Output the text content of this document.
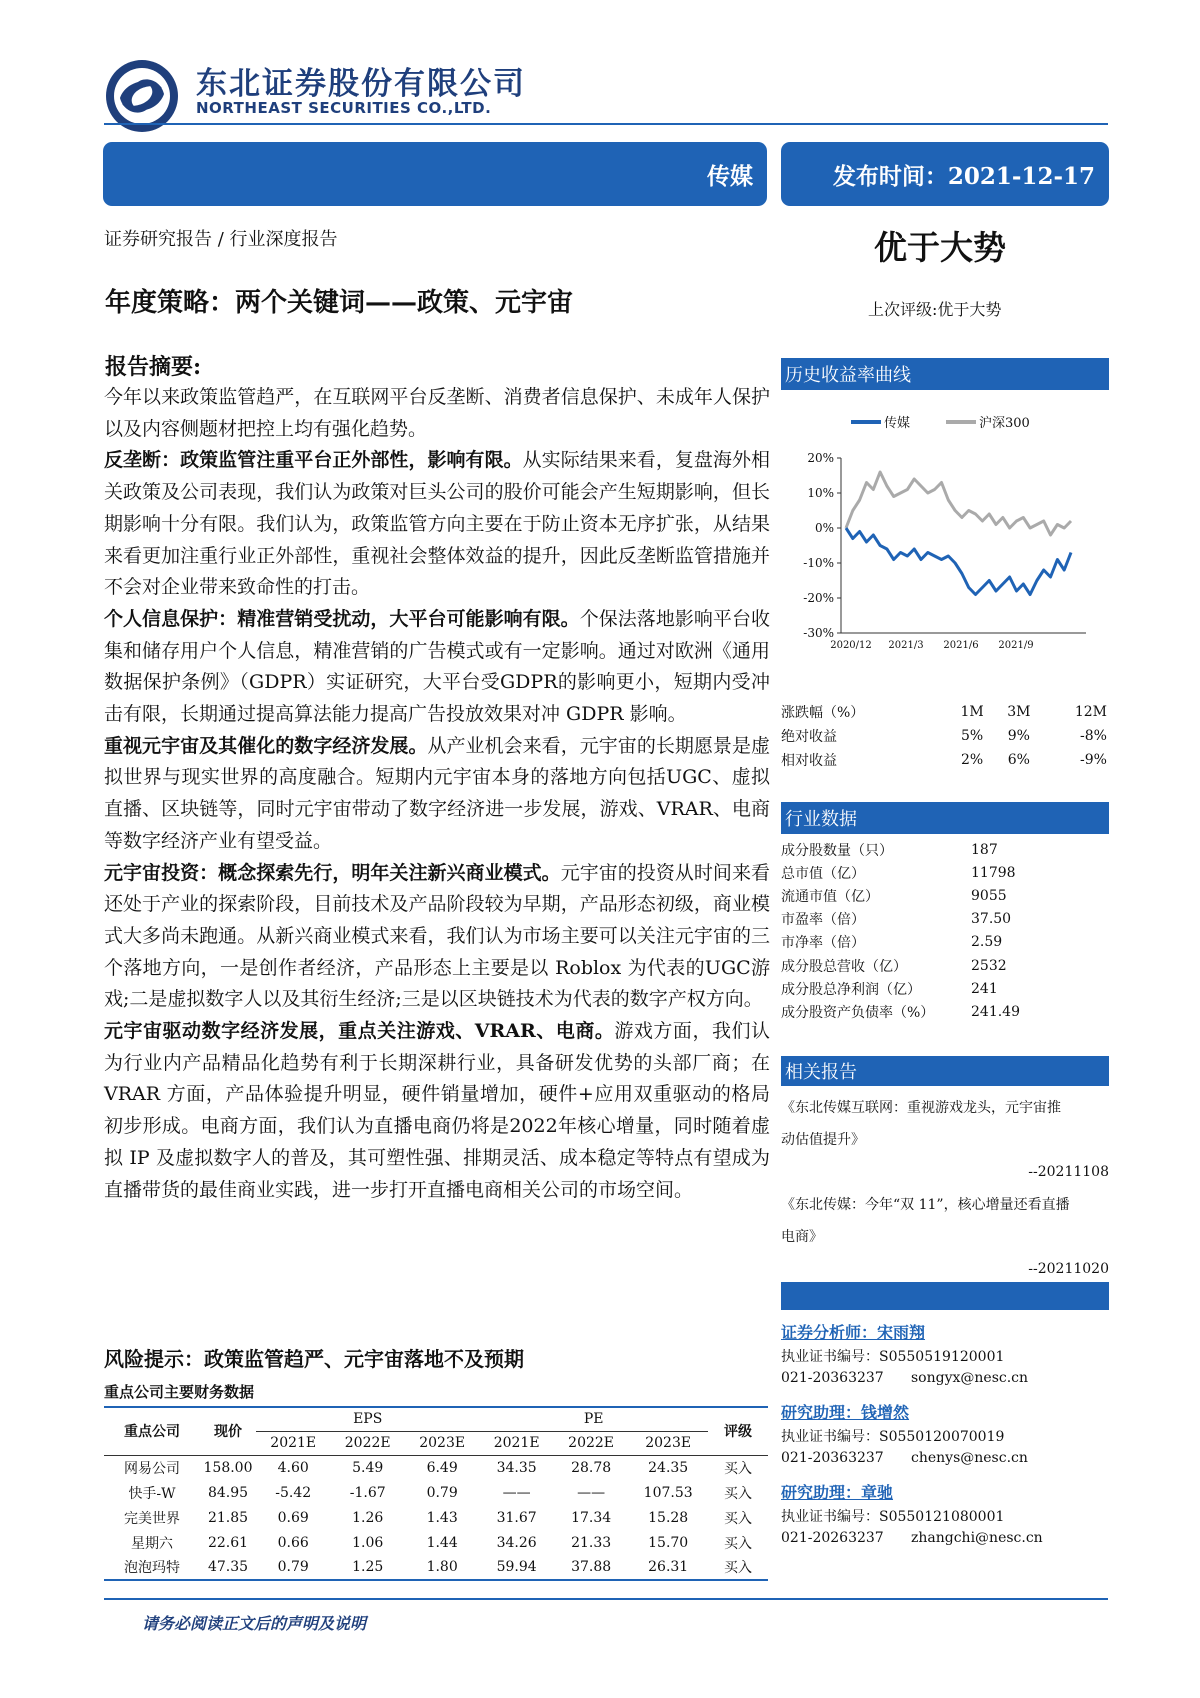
东北证券股份有限公司
NORTHEAST SECURITIES CO.,LTD.
传媒	发布时间：2021-12-17
证券研究报告 / 行业深度报告
年度策略：两个关键词——政策、元宇宙
优于大势
上次评级:优于大势
报告摘要:

今年以来政策监管趋严，在互联网平台反垄断、消费者信息保护、未成年人保护以及内容侧题材把控上均有强化趋势。

反垄断：政策监管注重平台正外部性，影响有限。从实际结果来看，复盘海外相关政策及公司表现，我们认为政策对巨头公司的股价可能会产生短期影响，但长期影响十分有限。我们认为，政策监管方向主要在于防止资本无序扩张，从结果来看更加注重行业正外部性，重视社会整体效益的提升，因此反垄断监管措施并不会对企业带来致命性的打击。

个人信息保护：精准营销受扰动，大平台可能影响有限。个保法落地影响平台收集和储存用户个人信息，精准营销的广告模式或有一定影响。通过对欧洲《通用数据保护条例》（GDPR）实证研究，大平台受GDPR的影响更小，短期内受冲击有限，长期通过提高算法能力提高广告投放效果对冲 GDPR 影响。

重视元宇宙及其催化的数字经济发展。从产业机会来看，元宇宙的长期愿景是虚拟世界与现实世界的高度融合。短期内元宇宙本身的落地方向包括UGC、虚拟直播、区块链等，同时元宇宙带动了数字经济进一步发展，游戏、VRAR、电商等数字经济产业有望受益。

元宇宙投资：概念探索先行，明年关注新兴商业模式。元宇宙的投资从时间来看还处于产业的探索阶段，目前技术及产品阶段较为早期，产品形态初级，商业模式大多尚未跑通。从新兴商业模式来看，我们认为市场主要可以关注元宇宙的三个落地方向，一是创作者经济，产品形态上主要是以 Roblox 为代表的UGC游戏;二是虚拟数字人以及其衍生经济;三是以区块链技术为代表的数字产权方向。

元宇宙驱动数字经济发展，重点关注游戏、VRAR、电商。游戏方面，我们认为行业内产品精品化趋势有利于长期深耕行业，具备研发优势的头部厂商；在 VRAR 方面，产品体验提升明显，硬件销量增加，硬件+应用双重驱动的格局初步形成。电商方面，我们认为直播电商仍将是2022年核心增量，同时随着虚拟 IP 及虚拟数字人的普及，其可塑性强、排期灵活、成本稳定等特点有望成为直播带货的最佳商业实践，进一步打开直播电商相关公司的市场空间。

风险提示：政策监管趋严、元宇宙落地不及预期
重点公司主要财务数据
重点公司	现价	EPS			PE			评级
		2021E	2022E	2023E	2021E	2022E	2023E	
网易公司	158.00	4.60	5.49	6.49	34.35	28.78	24.35	买入
快手-W	84.95	-5.42	-1.67	0.79	——	——	107.53	买入
完美世界	21.85	0.69	1.26	1.43	31.67	17.34	15.28	买入
星期六	22.61	0.66	1.06	1.44	34.26	21.33	15.70	买入
泡泡玛特	47.35	0.79	1.25	1.80	59.94	37.88	26.31	买入
历史收益率曲线
传媒	沪深300
20%
10%
0%
-10%
-20%
-30%
2020/12 2021/3 2021/6 2021/9
涨跌幅（%）	1M	3M	12M
绝对收益	5%	9%	-8%
相对收益	2%	6%	-9%
行业数据
成分股数量（只）	187
总市值（亿）	11798
流通市值（亿）	9055
市盈率（倍）	37.50
市净率（倍）	2.59
成分股总营收（亿）	2532
成分股总净利润（亿）	241
成分股资产负债率（%）	241.49
相关报告
《东北传媒互联网：重视游戏龙头，元宇宙推
动估值提升》
--20211108
《东北传媒：今年“双 11”，核心增量还看直播
电商》
--20211020
证券分析师：宋雨翔
执业证书编号：S0550519120001
021-20363237 songyx@nesc.cn
研究助理：钱增然
执业证书编号：S0550120070019
021-20363237 chenys@nesc.cn
研究助理：章驰
执业证书编号：S0550121080001
021-20263237 zhangchi@nesc.cn
请务必阅读正文后的声明及说明
